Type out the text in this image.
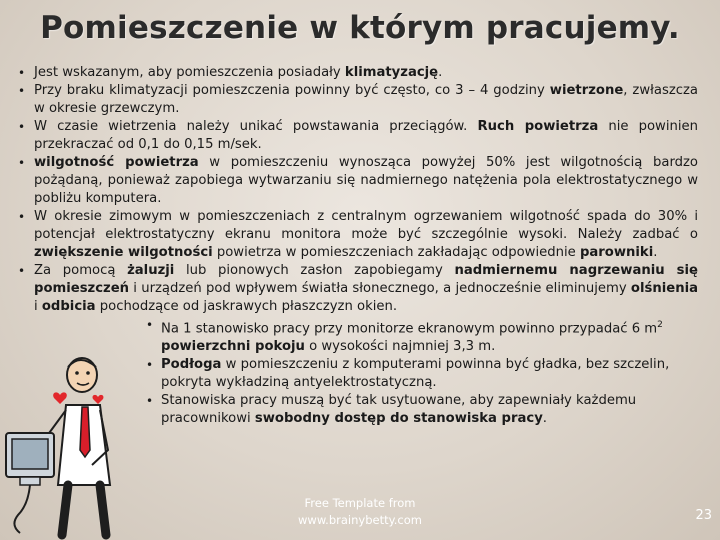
Pomieszczenie w którym pracujemy.
• Jest wskazanym, aby pomieszczenia posiadały klimatyzację.
• Przy braku klimatyzacji pomieszczenia powinny być często, co 3 – 4 godziny wietrzone, zwłaszcza w okresie grzewczym.
• W czasie wietrzenia należy unikać powstawania przeciągów. Ruch powietrza nie powinien przekraczać od 0,1 do 0,15 m/sek.
• wilgotność powietrza w pomieszczeniu wynosząca powyżej 50% jest wilgotnością bardzo pożądaną, ponieważ zapobiega wytwarzaniu się nadmiernego natężenia pola elektrostatycznego w pobliżu komputera.
• W okresie zimowym w pomieszczeniach z centralnym ogrzewaniem wilgotność spada do 30% i potencjał elektrostatyczny ekranu monitora może być szczególnie wysoki. Należy zadbać o zwiększenie wilgotności powietrza w pomieszczeniach zakładając odpowiednie parowniki.
• Za pomocą żaluzji lub pionowych zasłon zapobiegamy nadmiernemu nagrzewaniu się pomieszczeń i urządzeń pod wpływem światła słonecznego, a jednocześnie eliminujemy olśnienia i odbicia pochodzące od jaskrawych płaszczyzn okien.
• Na 1 stanowisko pracy przy monitorze ekranowym powinno przypadać 6 $m^2$ powierzchni pokoju o wysokości najmniej 3,3 m.
• Podłoga w pomieszczeniu z komputerami powinna być gładka, bez szczelin, pokryta wykładziną antyelektrostatyczną.
• Stanowiska pracy muszą być tak usytuowane, aby zapewniały każdemu pracownikowi swobodny dostęp do stanowiska pracy.
Free Template from
www.brainybetty.com	23
